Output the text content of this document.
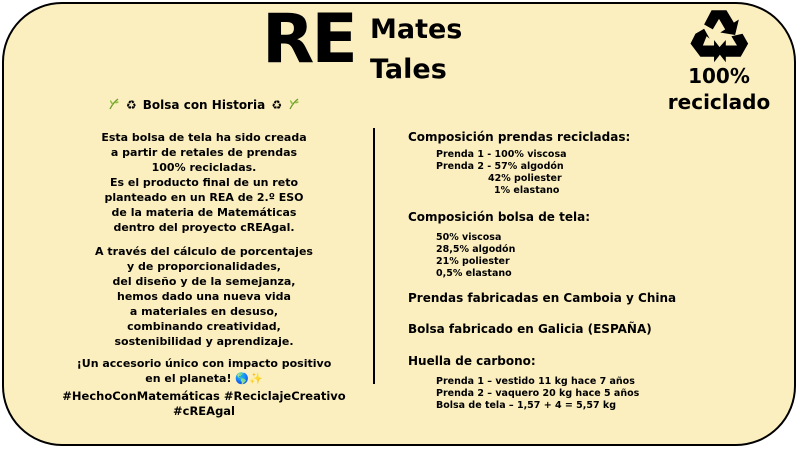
RE Mates
Tales	100%
reciclado
♻ Bolsa con Historia ♻
Esta bolsa de tela ha sido creada
a partir de retales de prendas
100% recicladas.
Es el producto final de un reto
planteado en un REA de 2.º ESO
de la materia de Matemáticas
dentro del proyecto cREAgal.
A través del cálculo de porcentajes
y de proporcionalidades,
del diseño y de la semejanza,
hemos dado una nueva vida
a materiales en desuso,
combinando creatividad,
sostenibilidad y aprendizaje.
¡Un accesorio único con impacto positivo
en el planeta! 🌎✨
#HechoConMatemáticas #ReciclajeCreativo #cREAgal
Composición prendas recicladas:
Prenda 1 - 100% viscosa
Prenda 2 - 57% algodón
42% poliester
1% elastano
Composición bolsa de tela:
50% viscosa
28,5% algodón
21% poliester
0,5% elastano
Prendas fabricadas en Camboia y China
Bolsa fabricado en Galicia (ESPAÑA)
Huella de carbono:
Prenda 1 – vestido 11 kg hace 7 años
Prenda 2 – vaquero 20 kg hace 5 años
Bolsa de tela – 1,57 + 4 = 5,57 kg
